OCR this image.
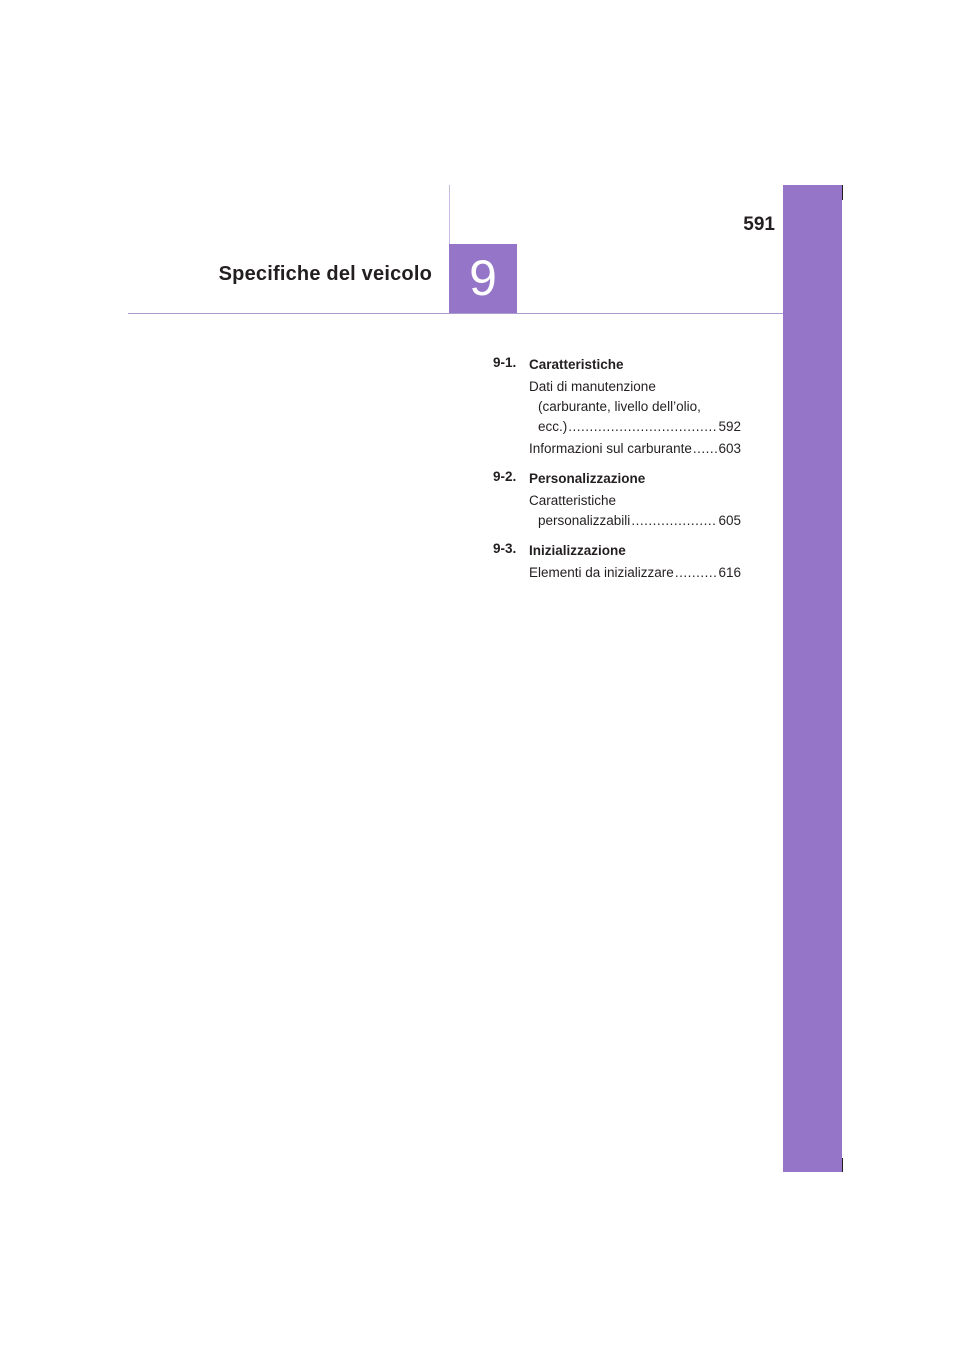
591
Specifiche del veicolo 9
9-1. Caratteristiche
Dati di manutenzione
(carburante, livello dell’olio,
ecc.) .....	592
Informazioni sul carburante ..... 603
9-2. Personalizzazione
Caratteristiche
personalizzabili .....	605
9-3. Inizializzazione
Elementi da inizializzare .....	616
